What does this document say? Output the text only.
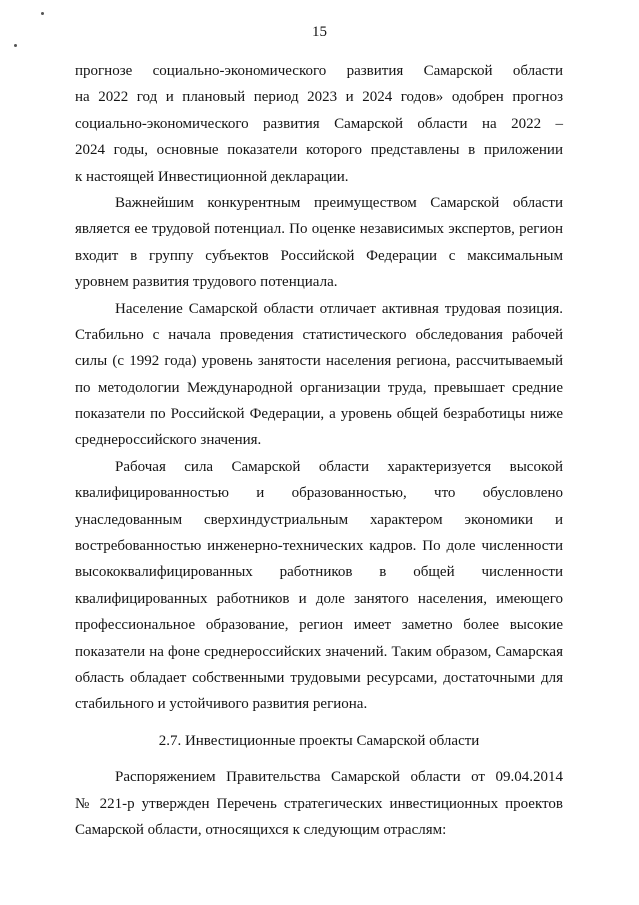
15
прогнозе социально-экономического развития Самарской области
на 2022 год и плановый период 2023 и 2024 годов» одобрен прогноз
социально-экономического развития Самарской области на 2022 –
2024 годы, основные показатели которого представлены в приложении
к настоящей Инвестиционной декларации.
Важнейшим конкурентным преимуществом Самарской области
является ее трудовой потенциал. По оценке независимых экспертов, регион
входит в группу субъектов Российской Федерации с максимальным
уровнем развития трудового потенциала.
Население Самарской области отличает активная трудовая позиция.
Стабильно с начала проведения статистического обследования рабочей
силы (с 1992 года) уровень занятости населения региона, рассчитываемый
по методологии Международной организации труда, превышает средние
показатели по Российской Федерации, а уровень общей безработицы ниже
среднероссийского значения.
Рабочая сила Самарской области характеризуется высокой
квалифицированностью и образованностью, что обусловлено
унаследованным сверхиндустриальным характером экономики и
востребованностью инженерно-технических кадров. По доле численности
высококвалифицированных работников в общей численности
квалифицированных работников и доле занятого населения, имеющего
профессиональное образование, регион имеет заметно более высокие
показатели на фоне среднероссийских значений. Таким образом, Самарская
область обладает собственными трудовыми ресурсами, достаточными для
стабильного и устойчивого развития региона.
2.7. Инвестиционные проекты Самарской области
Распоряжением Правительства Самарской области от 09.04.2014
№ 221-р утвержден Перечень стратегических инвестиционных проектов
Самарской области, относящихся к следующим отраслям:
